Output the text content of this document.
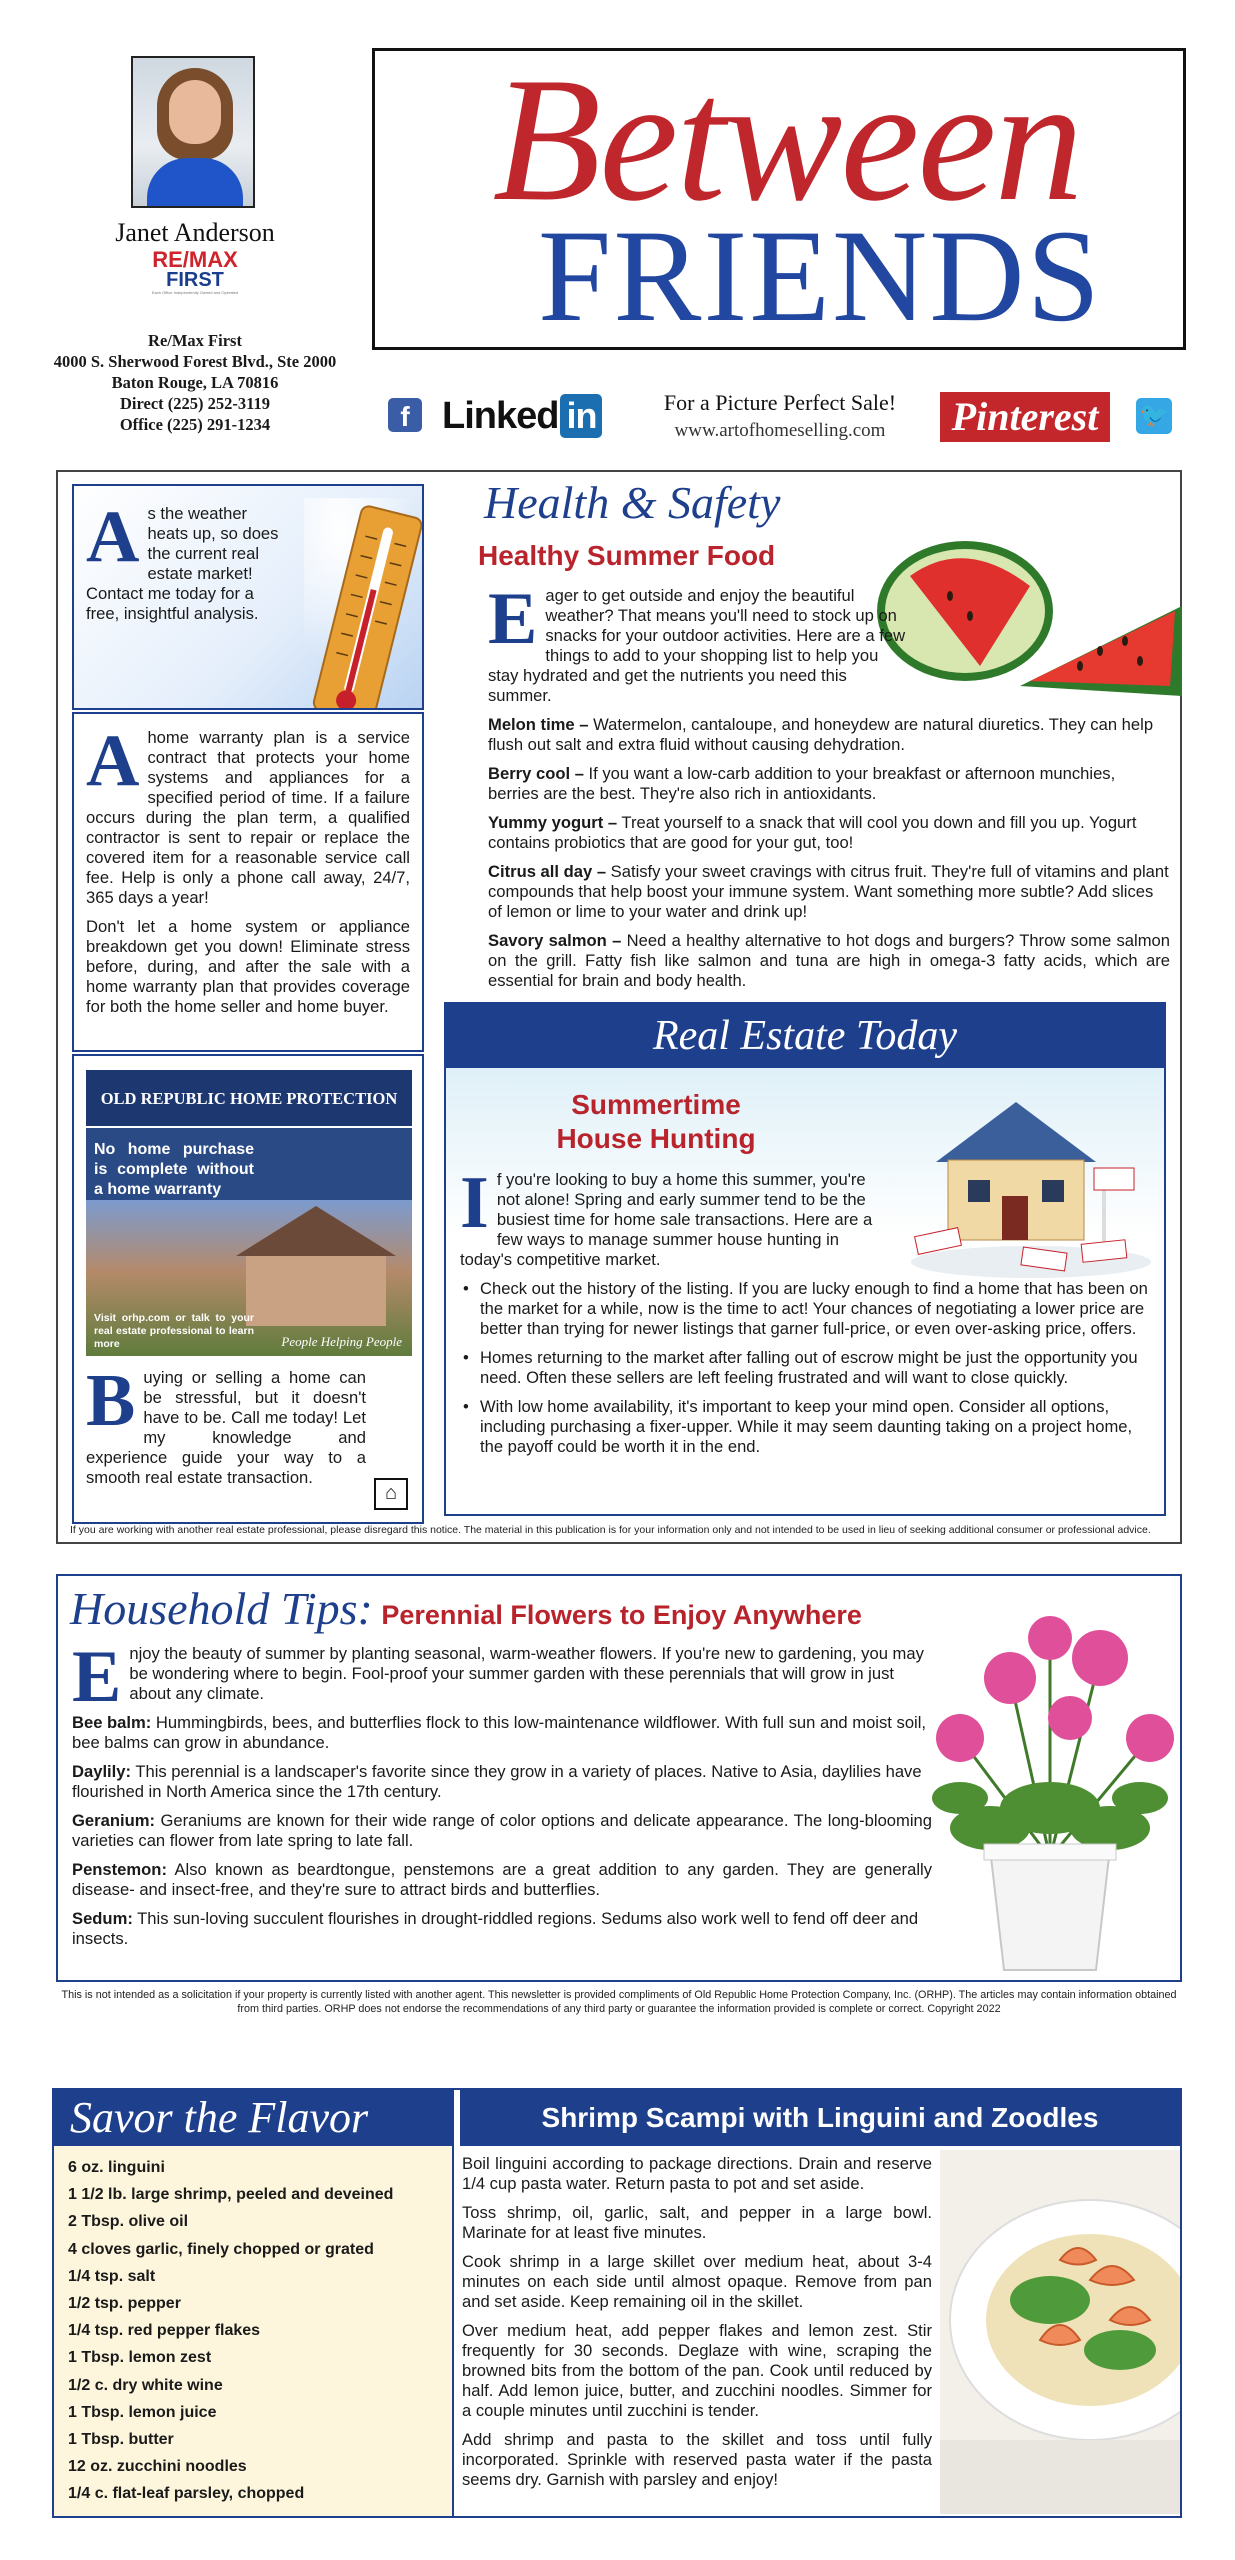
Janet Anderson
RE/MAX
FIRST
Each Office Independently Owned and Operated
Re/Max First
4000 S. Sherwood Forest Blvd., Ste 2000
Baton Rouge, LA 70816
Direct (225) 252-3119
Office (225) 291-1234
Between
FRIENDS
f Linked in	Pinterest	🐦
For a Picture Perfect Sale!
www.artofhomeselling.com
A s the weather heats up, so does the current real estate market! Contact me today for a free, insightful analysis.

Ahome warranty plan is a service contract that protects your home systems and appliances for a specified period of time. If a failure occurs during the plan term, a qualified contractor is sent to repair or replace the covered item for a reasonable service call fee. Help is only a phone call away, 24/7, 365 days a year!

Don't let a home system or appliance breakdown get you down! Eliminate stress before, during, and after the sale with a home warranty plan that provides coverage for both the home seller and home buyer.

OLD REPUBLIC HOME PROTECTION
No home purchase is complete without a home warranty
Visit orhp.com or talk to your real estate professional to learn more	People Helping People

Buying or selling a home can be stressful, but it doesn't have to be. Call me today! Let my knowledge and experience guide your way to a smooth real estate transaction.

⌂
Health & Safety
Healthy Summer Food

Eager to get outside and enjoy the beautiful weather? That means you'll need to stock up on snacks for your outdoor activities. Here are a few things to add to your shopping list to help you stay hydrated and get the nutrients you need this summer.

Melon time – Watermelon, cantaloupe, and honeydew are natural diuretics. They can help flush out salt and extra fluid without causing dehydration.

Berry cool – If you want a low-carb addition to your breakfast or afternoon munchies, berries are the best. They're also rich in antioxidants.

Yummy yogurt – Treat yourself to a snack that will cool you down and fill you up. Yogurt contains probiotics that are good for your gut, too!

Citrus all day – Satisfy your sweet cravings with citrus fruit. They're full of vitamins and plant compounds that help boost your immune system. Want something more subtle? Add slices of lemon or lime to your water and drink up!

Savory salmon – Need a healthy alternative to hot dogs and burgers? Throw some salmon on the grill. Fatty fish like salmon and tuna are high in omega-3 fatty acids, which are essential for brain and body health.

Real Estate Today
Summertime
House Hunting

If you're looking to buy a home this summer, you're not alone! Spring and early summer tend to be the busiest time for home sale transactions. Here are a few ways to manage summer house hunting in today's competitive market.

• Check out the history of the listing. If you are lucky enough to find a home that has been on the market for a while, now is the time to act! Your chances of negotiating a lower price are better than trying for newer listings that garner full-price, or even over-asking price, offers.
• Homes returning to the market after falling out of escrow might be just the opportunity you need. Often these sellers are left feeling frustrated and will want to close quickly.
• With low home availability, it's important to keep your mind open. Consider all options, including purchasing a fixer-upper. While it may seem daunting taking on a project home, the payoff could be worth it in the end.
If you are working with another real estate professional, please disregard this notice. The material in this publication is for your information only and not intended to be used in lieu of seeking additional consumer or professional advice.
Household Tips: Perennial Flowers to Enjoy Anywhere

Enjoy the beauty of summer by planting seasonal, warm-weather flowers. If you're new to gardening, you may be wondering where to begin. Fool-proof your summer garden with these perennials that will grow in just about any climate.

Bee balm: Hummingbirds, bees, and butterflies flock to this low-maintenance wildflower. With full sun and moist soil, bee balms can grow in abundance.

Daylily: This perennial is a landscaper's favorite since they grow in a variety of places. Native to Asia, daylilies have flourished in North America since the 17th century.

Geranium: Geraniums are known for their wide range of color options and delicate appearance. The long-blooming varieties can flower from late spring to late fall.

Penstemon: Also known as beardtongue, penstemons are a great addition to any garden. They are generally disease- and insect-free, and they're sure to attract birds and butterflies.

Sedum: This sun-loving succulent flourishes in drought-riddled regions. Sedums also work well to fend off deer and insects.

This is not intended as a solicitation if your property is currently listed with another agent. This newsletter is provided compliments of Old Republic Home Protection Company, Inc. (ORHP). The articles may contain information obtained from third parties. ORHP does not endorse the recommendations of any third party or guarantee the information provided is complete or correct. Copyright 2022
Savor the Flavor	Shrimp Scampi with Linguini and Zoodles
6 oz. linguini
1 1/2 lb. large shrimp, peeled and deveined
2 Tbsp. olive oil
4 cloves garlic, finely chopped or grated
1/4 tsp. salt
1/2 tsp. pepper
1/4 tsp. red pepper flakes
1 Tbsp. lemon zest
1/2 c. dry white wine
1 Tbsp. lemon juice
1 Tbsp. butter
12 oz. zucchini noodles
1/4 c. flat-leaf parsley, chopped

Boil linguini according to package directions. Drain and reserve 1/4 cup pasta water. Return pasta to pot and set aside.

Toss shrimp, oil, garlic, salt, and pepper in a large bowl. Marinate for at least five minutes.

Cook shrimp in a large skillet over medium heat, about 3-4 minutes on each side until almost opaque. Remove from pan and set aside. Keep remaining oil in the skillet.

Over medium heat, add pepper flakes and lemon zest. Stir frequently for 30 seconds. Deglaze with wine, scraping the browned bits from the bottom of the pan. Cook until reduced by half. Add lemon juice, butter, and zucchini noodles. Simmer for a couple minutes until zucchini is tender.

Add shrimp and pasta to the skillet and toss until fully incorporated. Sprinkle with reserved pasta water if the pasta seems dry. Garnish with parsley and enjoy!
